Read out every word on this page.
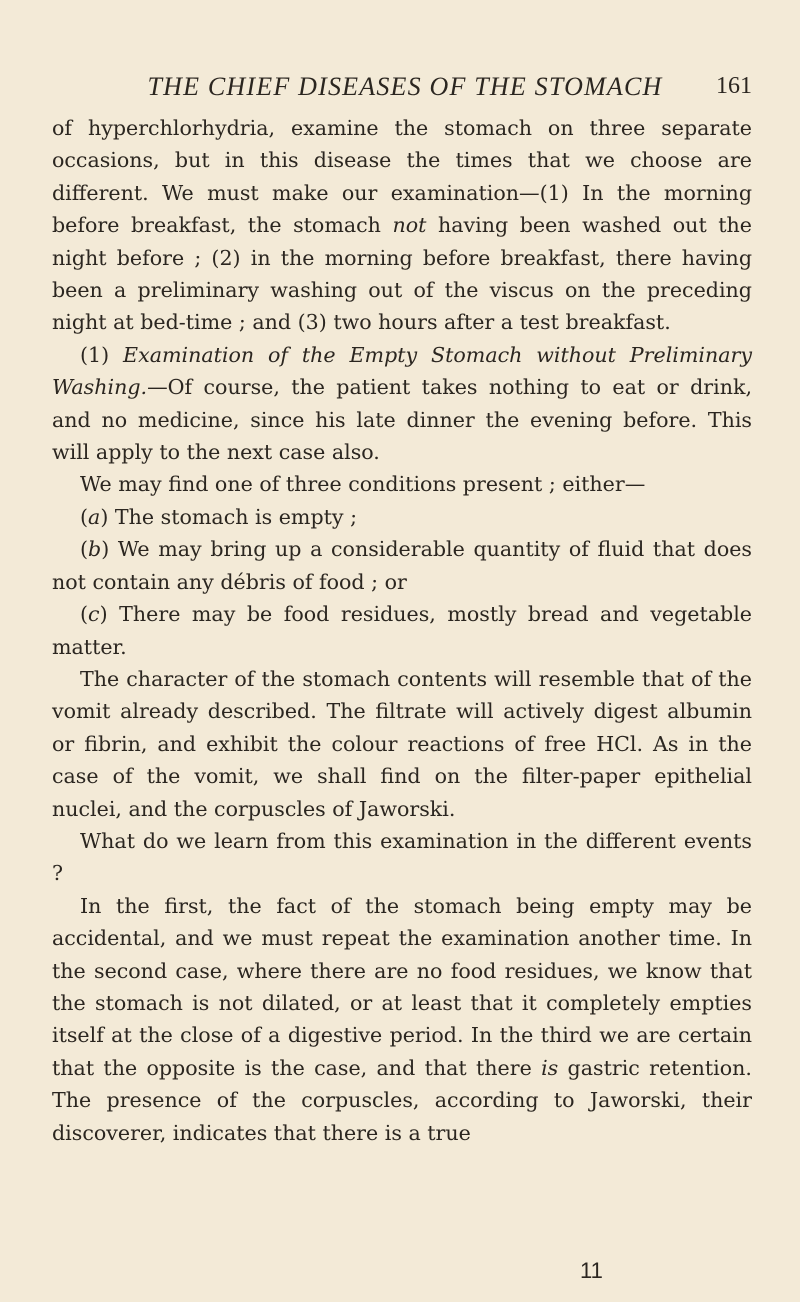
THE CHIEF DISEASES OF THE STOMACH	161

of hyperchlorhydria, examine the stomach on three separate occasions, but in this disease the times that we choose are different. We must make our examination—(1) In the morning before breakfast, the stomach not having been washed out the night before ; (2) in the morning before breakfast, there having been a preliminary washing out of the viscus on the preceding night at bed-time ; and (3) two hours after a test breakfast.

(1) Examination of the Empty Stomach without Preliminary Washing.—Of course, the patient takes nothing to eat or drink, and no medicine, since his late dinner the evening before. This will apply to the next case also.

We may find one of three conditions present ; either—

(a) The stomach is empty ;

(b) We may bring up a considerable quantity of fluid that does not contain any débris of food ; or

(c) There may be food residues, mostly bread and vegetable matter.

The character of the stomach contents will resemble that of the vomit already described. The filtrate will actively digest albumin or fibrin, and exhibit the colour reactions of free HCl. As in the case of the vomit, we shall find on the filter-paper epithelial nuclei, and the corpuscles of Jaworski.

What do we learn from this examination in the different events ?

In the first, the fact of the stomach being empty may be accidental, and we must repeat the examination another time. In the second case, where there are no food residues, we know that the stomach is not dilated, or at least that it completely empties itself at the close of a digestive period. In the third we are certain that the opposite is the case, and that there is gastric retention. The presence of the corpuscles, according to Jaworski, their discoverer, indicates that there is a true

11
